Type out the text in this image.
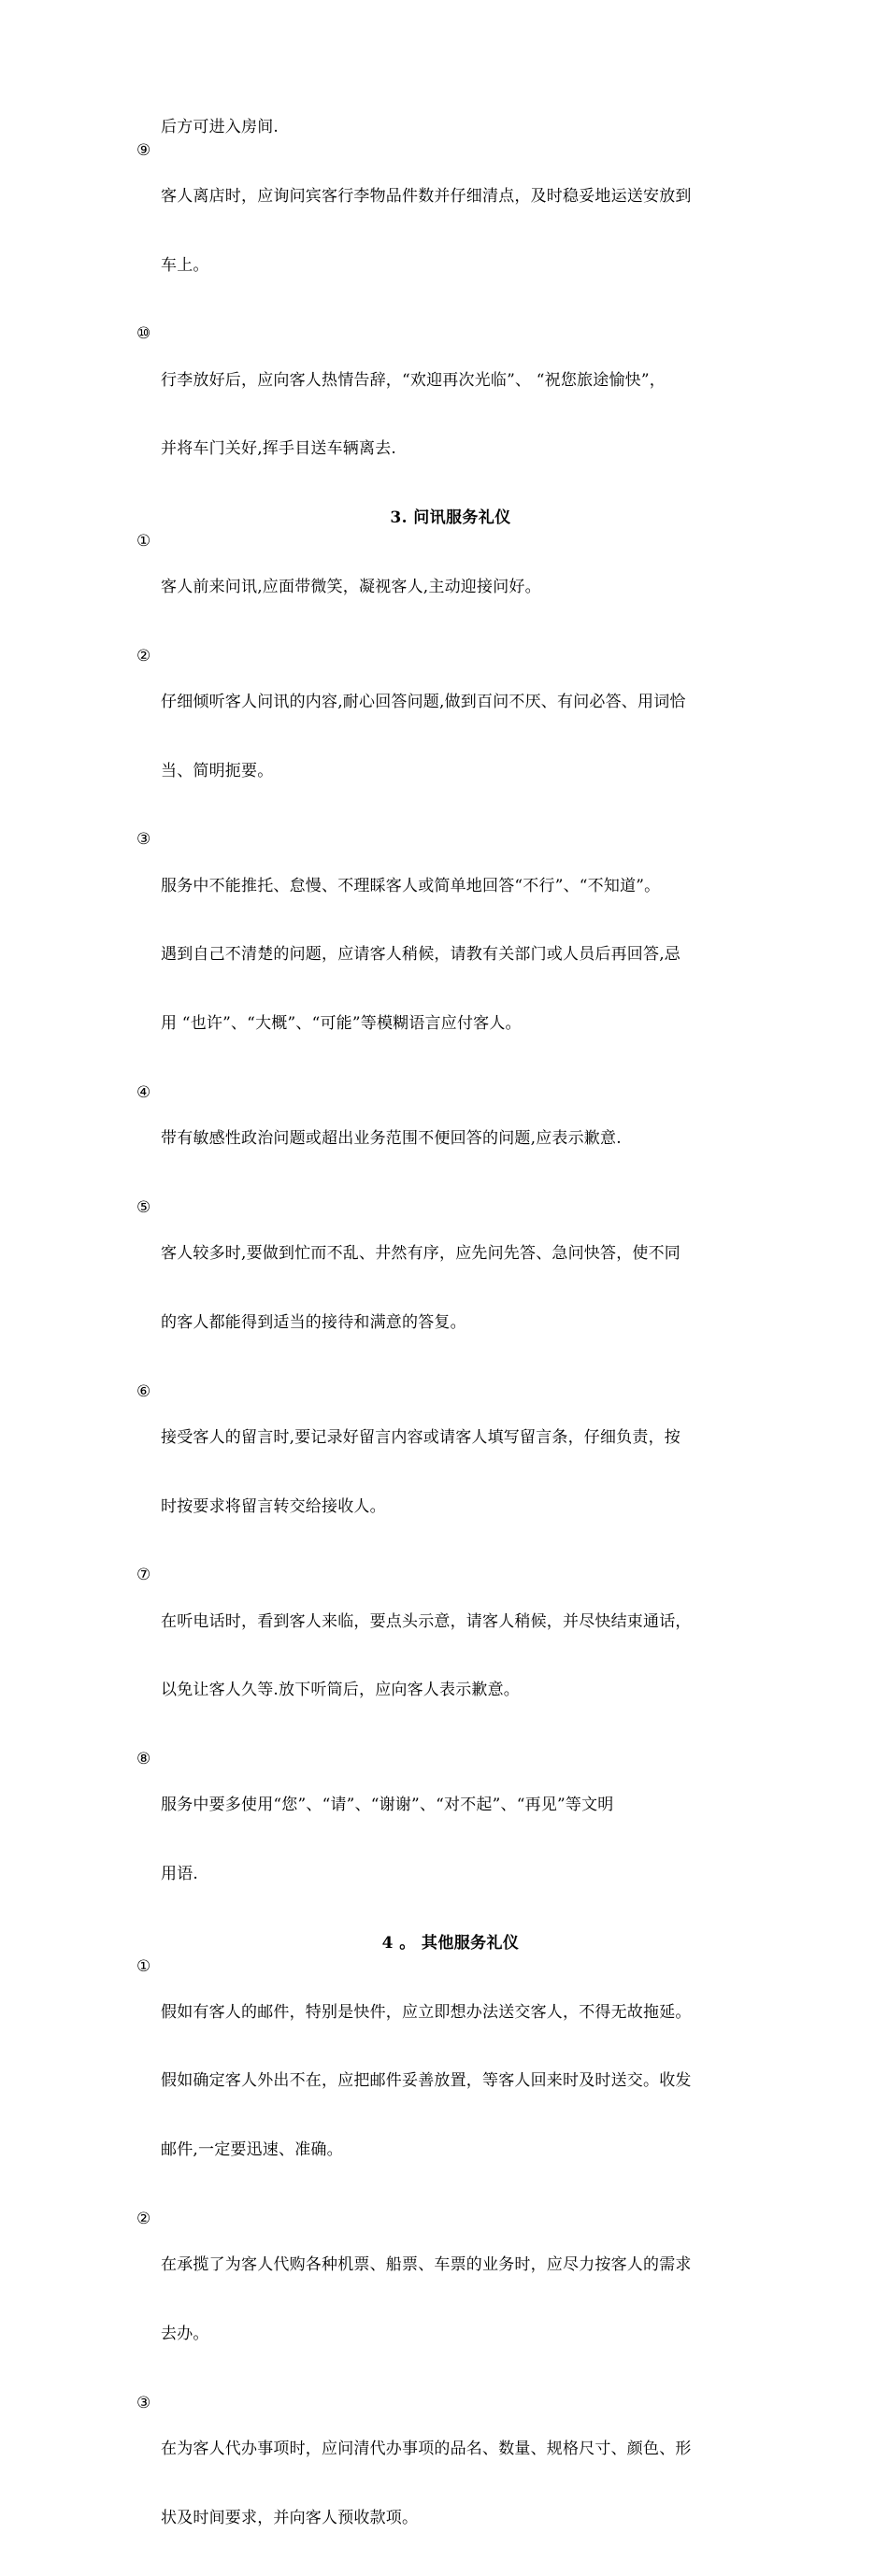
后方可进入房间.
⑨

客人离店时，应询问宾客行李物品件数并仔细清点，及时稳妥地运送安放到

车上。

⑩

行李放好后，应向客人热情告辞，“欢迎再次光临”、 “祝您旅途愉快”，

并将车门关好,挥手目送车辆离去.

3. 问讯服务礼仪
①

客人前来问讯,应面带微笑，凝视客人,主动迎接问好。

②

仔细倾听客人问讯的内容,耐心回答问题,做到百问不厌、有问必答、用词恰

当、简明扼要。

③

服务中不能推托、怠慢、不理睬客人或简单地回答“不行”、“不知道”。

遇到自己不清楚的问题，应请客人稍候，请教有关部门或人员后再回答,忌

用 “也许”、“大概”、“可能”等模糊语言应付客人。

④

带有敏感性政治问题或超出业务范围不便回答的问题,应表示歉意.

⑤

客人较多时,要做到忙而不乱、井然有序，应先问先答、急问快答，使不同

的客人都能得到适当的接待和满意的答复。

⑥

接受客人的留言时,要记录好留言内容或请客人填写留言条，仔细负责，按

时按要求将留言转交给接收人。

⑦

在听电话时，看到客人来临，要点头示意，请客人稍候，并尽快结束通话，

以免让客人久等.放下听筒后，应向客人表示歉意。

⑧

服务中要多使用“您”、“请”、“谢谢”、“对不起”、“再见”等文明

用语.

4 。 其他服务礼仪
①

假如有客人的邮件，特别是快件，应立即想办法送交客人，不得无故拖延。

假如确定客人外出不在，应把邮件妥善放置，等客人回来时及时送交。收发

邮件,一定要迅速、准确。

②

在承揽了为客人代购各种机票、船票、车票的业务时，应尽力按客人的需求

去办。

③

在为客人代办事项时，应问清代办事项的品名、数量、规格尺寸、颜色、形

状及时间要求，并向客人预收款项。
